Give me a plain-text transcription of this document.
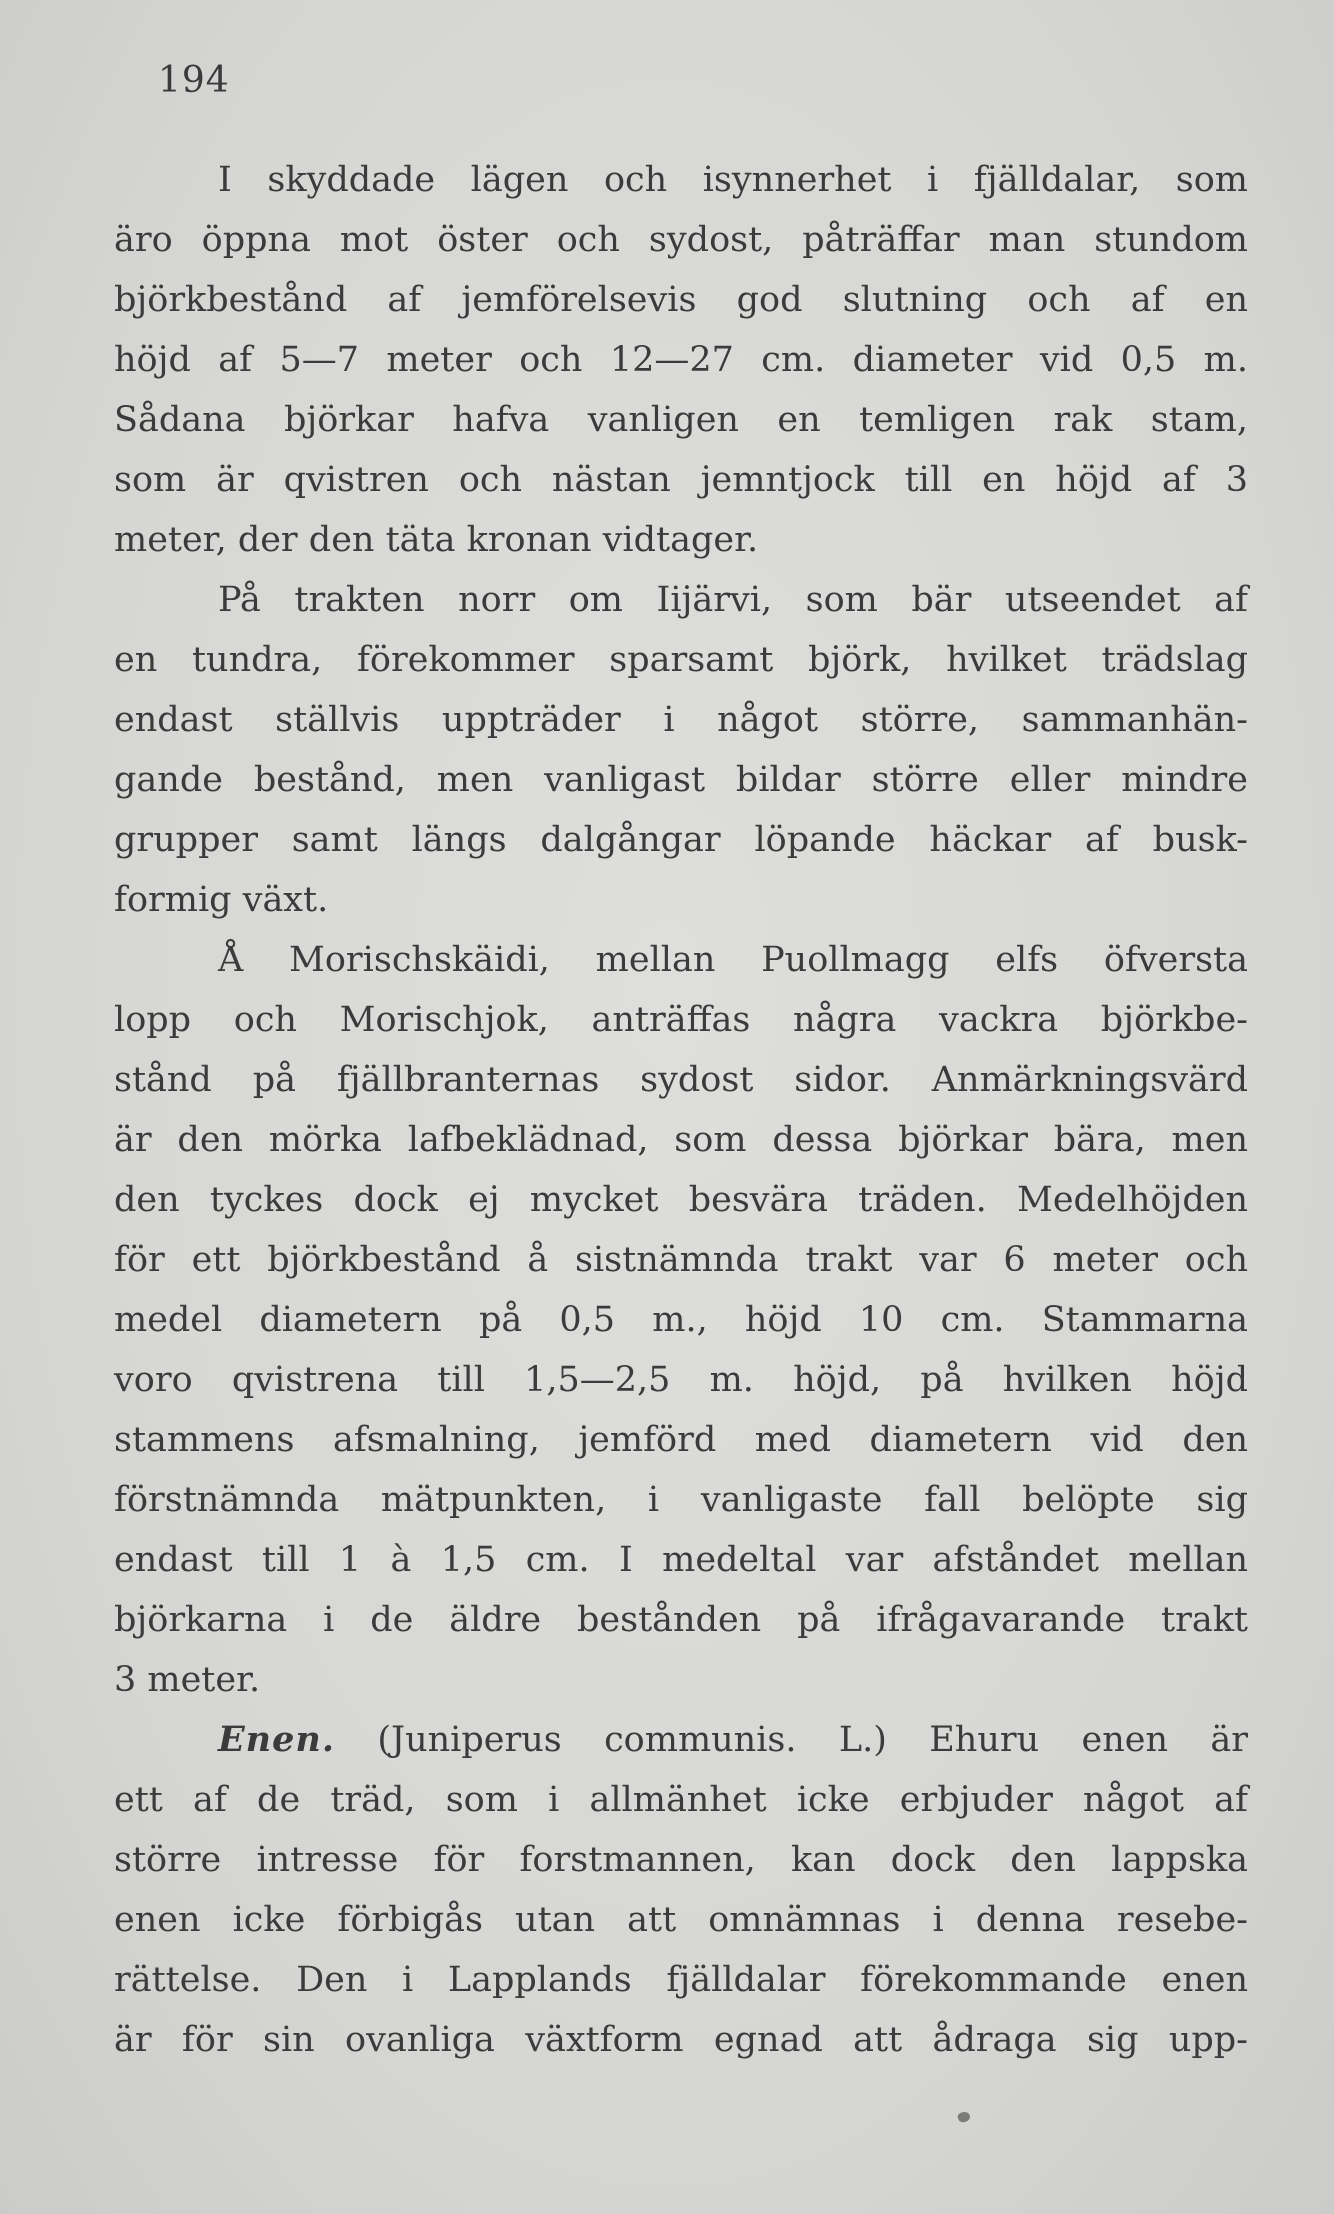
194
I skyddade lägen och isynnerhet i fjälldalar, som
äro öppna mot öster och sydost, påträffar man stundom
björkbestånd af jemförelsevis god slutning och af en
höjd af 5—7 meter och 12—27 cm. diameter vid 0,5 m.
Sådana björkar hafva vanligen en temligen rak stam,
som är qvistren och nästan jemntjock till en höjd af 3
meter, der den täta kronan vidtager.
På trakten norr om Iijärvi, som bär utseendet af
en tundra, förekommer sparsamt björk, hvilket trädslag
endast ställvis uppträder i något större, sammanhän-
gande bestånd, men vanligast bildar större eller mindre
grupper samt längs dalgångar löpande häckar af busk-
formig växt.
Å Morischskäidi, mellan Puollmagg elfs öfversta
lopp och Morischjok, anträffas några vackra björkbe-
stånd på fjällbranternas sydost sidor. Anmärkningsvärd
är den mörka lafbeklädnad, som dessa björkar bära, men
den tyckes dock ej mycket besvära träden. Medelhöjden
för ett björkbestånd å sistnämnda trakt var 6 meter och
medel diametern på 0,5 m., höjd 10 cm. Stammarna
voro qvistrena till 1,5—2,5 m. höjd, på hvilken höjd
stammens afsmalning, jemförd med diametern vid den
förstnämnda mätpunkten, i vanligaste fall belöpte sig
endast till 1 à 1,5 cm. I medeltal var afståndet mellan
björkarna i de äldre bestånden på ifrågavarande trakt
3 meter.
Enen. (Juniperus communis. L.) Ehuru enen är
ett af de träd, som i allmänhet icke erbjuder något af
större intresse för forstmannen, kan dock den lappska
enen icke förbigås utan att omnämnas i denna resebe-
rättelse. Den i Lapplands fjälldalar förekommande enen
är för sin ovanliga växtform egnad att ådraga sig upp-
